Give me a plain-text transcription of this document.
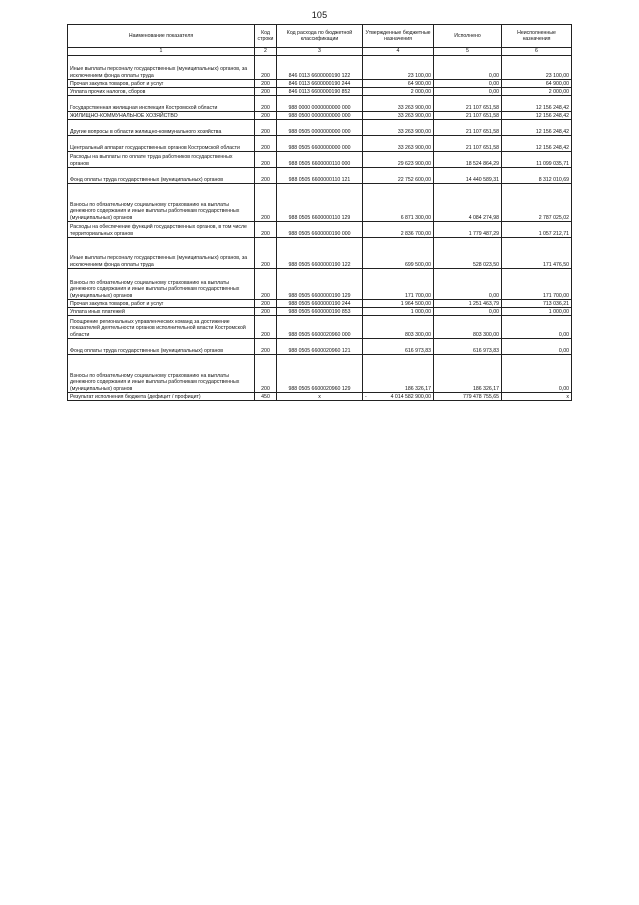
105
Наименование показателя	Код строки	Код расхода по бюджетной классификации	Утвержденные бюджетные назначения	Исполнено	Неисполненные назначения
1	2	3	4	5	6
Иные выплаты персоналу государственных (муниципальных) органов, за исключением фонда оплаты труда	200	846 0113 6600000190 122	23 100,00	0,00	23 100,00
Прочая закупка товаров, работ и услуг	200	846 0113 6600000190 244	64 900,00	0,00	64 900,00
Уплата прочих налогов, сборов	200	846 0113 6600000190 852	2 000,00	0,00	2 000,00
Государственная жилищная инспекция Костромской области	200	988 0000 0000000000 000	33 263 900,00	21 107 651,58	12 156 248,42
ЖИЛИЩНО-КОММУНАЛЬНОЕ ХОЗЯЙСТВО	200	988 0500 0000000000 000	33 263 900,00	21 107 651,58	12 156 248,42
Другие вопросы в области жилищно-коммунального хозяйства	200	988 0505 0000000000 000	33 263 900,00	21 107 651,58	12 156 248,42
Центральный аппарат государственных органов Костромской области	200	988 0505 6600000000 000	33 263 900,00	21 107 651,58	12 156 248,42
Расходы на выплаты по оплате труда работников государственных органов	200	988 0505 6600000110 000	29 623 900,00	18 524 864,29	11 099 035,71
Фонд оплаты труда государственных (муниципальных) органов	200	988 0505 6600000110 121	22 752 600,00	14 440 589,31	8 312 010,69
Взносы по обязательному социальному страхованию на выплаты денежного содержания и иные выплаты работникам государственных (муниципальных) органов	200	988 0505 6600000110 129	6 871 300,00	4 084 274,98	2 787 025,02
Расходы на обеспечение функций государственных органов, в том числе территориальных органов	200	988 0505 6600000190 000	2 836 700,00	1 779 487,29	1 057 212,71
Иные выплаты персоналу государственных (муниципальных) органов, за исключением фонда оплаты труда	200	988 0505 6600000190 122	699 500,00	528 023,50	171 476,50
Взносы по обязательному социальному страхованию на выплаты денежного содержания и иные выплаты работникам государственных (муниципальных) органов	200	988 0505 6600000190 129	171 700,00	0,00	171 700,00
Прочая закупка товаров, работ и услуг	200	988 0505 6600000190 244	1 964 500,00	1 251 463,79	713 036,21
Уплата иных платежей	200	988 0505 6600000190 853	1 000,00	0,00	1 000,00
Поощрение региональных управленческих команд за достижение показателей деятельности органов исполнительной власти Костромской области	200	988 0505 6600020960 000	803 300,00	803 300,00	0,00
Фонд оплаты труда государственных (муниципальных) органов	200	988 0505 6600020960 121	616 973,83	616 973,83	0,00
Взносы по обязательному социальному страхованию на выплаты денежного содержания и иные выплаты работникам государственных (муниципальных) органов	200	988 0505 6600020960 129	186 326,17	186 326,17	0,00
Результат исполнения бюджета (дефицит / профицит)	450	x	- 4 014 582 900,00	779 478 755,65	x
